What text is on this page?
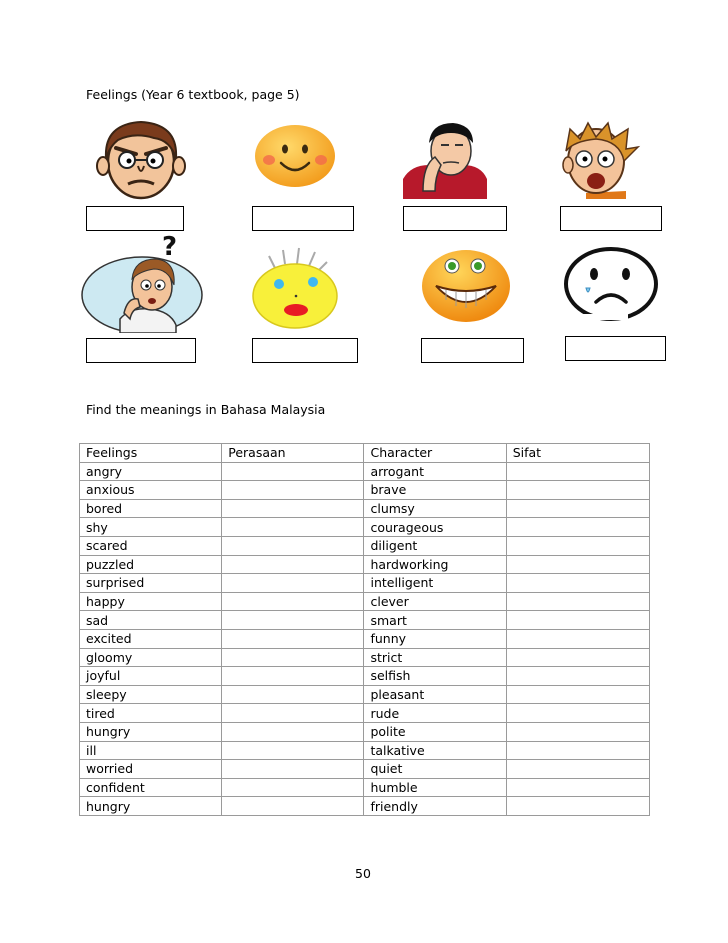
Feelings (Year 6 textbook, page 5)
?
Find the meanings in Bahasa Malaysia
Feelings	Perasaan	Character	Sifat
angry		arrogant	
anxious		brave	
bored		clumsy	
shy		courageous	
scared		diligent	
puzzled		hardworking	
surprised		intelligent	
happy		clever	
sad		smart	
excited		funny	
gloomy		strict	
joyful		selfish	
sleepy		pleasant	
tired		rude	
hungry		polite	
ill		talkative	
worried		quiet	
confident		humble	
hungry		friendly	
50
